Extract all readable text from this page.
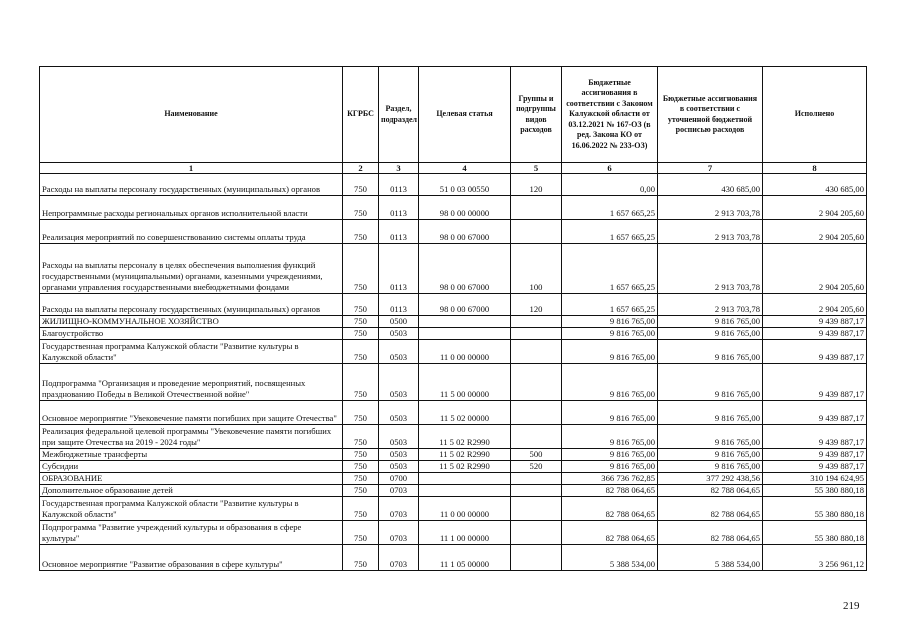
Наименование	КГРБС	Раздел, подраздел	Целевая статья	Группы и подгруппы видов расходов	Бюджетные ассигнования в соответствии с Законом Калужской области от 03.12.2021 № 167-ОЗ (в ред. Закона КО от 16.06.2022 № 233-ОЗ)	Бюджетные ассигнования в соответствии с уточненной бюджетной росписью расходов	Исполнено
1	2	3	4	5	6	7	8
Расходы на выплаты персоналу государственных (муниципальных) органов	750	0113	51 0 03 00550	120	0,00	430 685,00	430 685,00
Непрограммные расходы региональных органов исполнительной власти	750	0113	98 0 00 00000		1 657 665,25	2 913 703,78	2 904 205,60
Реализация мероприятий по совершенствованию системы оплаты труда	750	0113	98 0 00 67000		1 657 665,25	2 913 703,78	2 904 205,60
Расходы на выплаты персоналу в целях обеспечения выполнения функций государственными (муниципальными) органами, казенными учреждениями, органами управления государственными внебюджетными фондами	750	0113	98 0 00 67000	100	1 657 665,25	2 913 703,78	2 904 205,60
Расходы на выплаты персоналу государственных (муниципальных) органов	750	0113	98 0 00 67000	120	1 657 665,25	2 913 703,78	2 904 205,60
ЖИЛИЩНО-КОММУНАЛЬНОЕ ХОЗЯЙСТВО	750	0500			9 816 765,00	9 816 765,00	9 439 887,17
Благоустройство	750	0503			9 816 765,00	9 816 765,00	9 439 887,17
Государственная программа Калужской области "Развитие культуры в Калужской области"	750	0503	11 0 00 00000		9 816 765,00	9 816 765,00	9 439 887,17
Подпрограмма "Организация и проведение мероприятий, посвященных празднованию Победы в Великой Отечественной войне"	750	0503	11 5 00 00000		9 816 765,00	9 816 765,00	9 439 887,17
Основное мероприятие "Увековечение памяти погибших при защите Отечества"	750	0503	11 5 02 00000		9 816 765,00	9 816 765,00	9 439 887,17
Реализация федеральной целевой программы "Увековечение памяти погибших при защите Отечества на 2019 - 2024 годы"	750	0503	11 5 02 R2990		9 816 765,00	9 816 765,00	9 439 887,17
Межбюджетные трансферты	750	0503	11 5 02 R2990	500	9 816 765,00	9 816 765,00	9 439 887,17
Субсидии	750	0503	11 5 02 R2990	520	9 816 765,00	9 816 765,00	9 439 887,17
ОБРАЗОВАНИЕ	750	0700			366 736 762,85	377 292 438,56	310 194 624,95
Дополнительное образование детей	750	0703			82 788 064,65	82 788 064,65	55 380 880,18
Государственная программа Калужской области "Развитие культуры в Калужской области"	750	0703	11 0 00 00000		82 788 064,65	82 788 064,65	55 380 880,18
Подпрограмма "Развитие учреждений культуры и образования в сфере культуры"	750	0703	11 1 00 00000		82 788 064,65	82 788 064,65	55 380 880,18
Основное мероприятие "Развитие образования в сфере культуры"	750	0703	11 1 05 00000		5 388 534,00	5 388 534,00	3 256 961,12
219
